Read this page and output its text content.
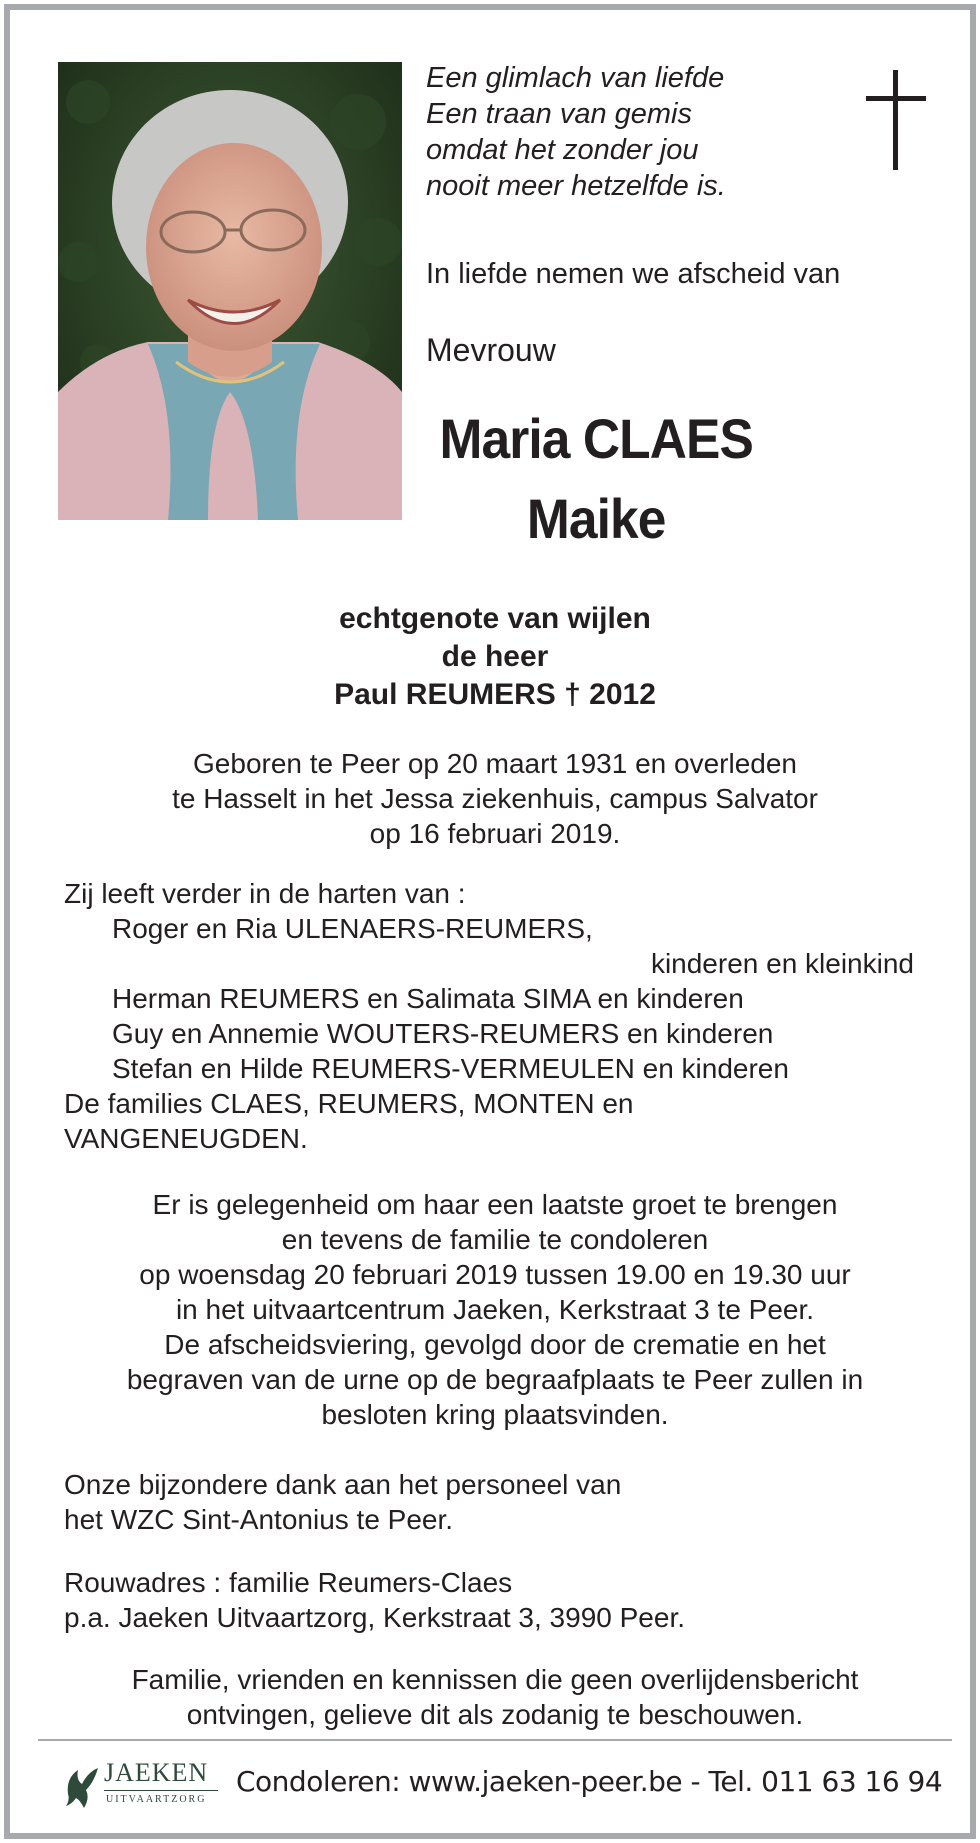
Een glimlach van liefde
Een traan van gemis
omdat het zonder jou
nooit meer hetzelfde is.
In liefde nemen we afscheid van
Mevrouw
Maria CLAES
Maike
echtgenote van wijlen
de heer
Paul REUMERS † 2012
Geboren te Peer op 20 maart 1931 en overleden
te Hasselt in het Jessa ziekenhuis, campus Salvator
op 16 februari 2019.
Zij leeft verder in de harten van :
Roger en Ria ULENAERS-REUMERS,
kinderen en kleinkind
Herman REUMERS en Salimata SIMA en kinderen
Guy en Annemie WOUTERS-REUMERS en kinderen
Stefan en Hilde REUMERS-VERMEULEN en kinderen
De families CLAES, REUMERS, MONTEN en
VANGENEUGDEN.
Er is gelegenheid om haar een laatste groet te brengen
en tevens de familie te condoleren
op woensdag 20 februari 2019 tussen 19.00 en 19.30 uur
in het uitvaartcentrum Jaeken, Kerkstraat 3 te Peer.
De afscheidsviering, gevolgd door de crematie en het
begraven van de urne op de begraafplaats te Peer zullen in
besloten kring plaatsvinden.
Onze bijzondere dank aan het personeel van
het WZC Sint-Antonius te Peer.
Rouwadres : familie Reumers-Claes
p.a. Jaeken Uitvaartzorg, Kerkstraat 3, 3990 Peer.
Familie, vrienden en kennissen die geen overlijdensbericht
ontvingen, gelieve dit als zodanig te beschouwen.
JAEKEN
UITVAARTZORG
Condoleren: www.jaeken-peer.be - Tel. 011 63 16 94
